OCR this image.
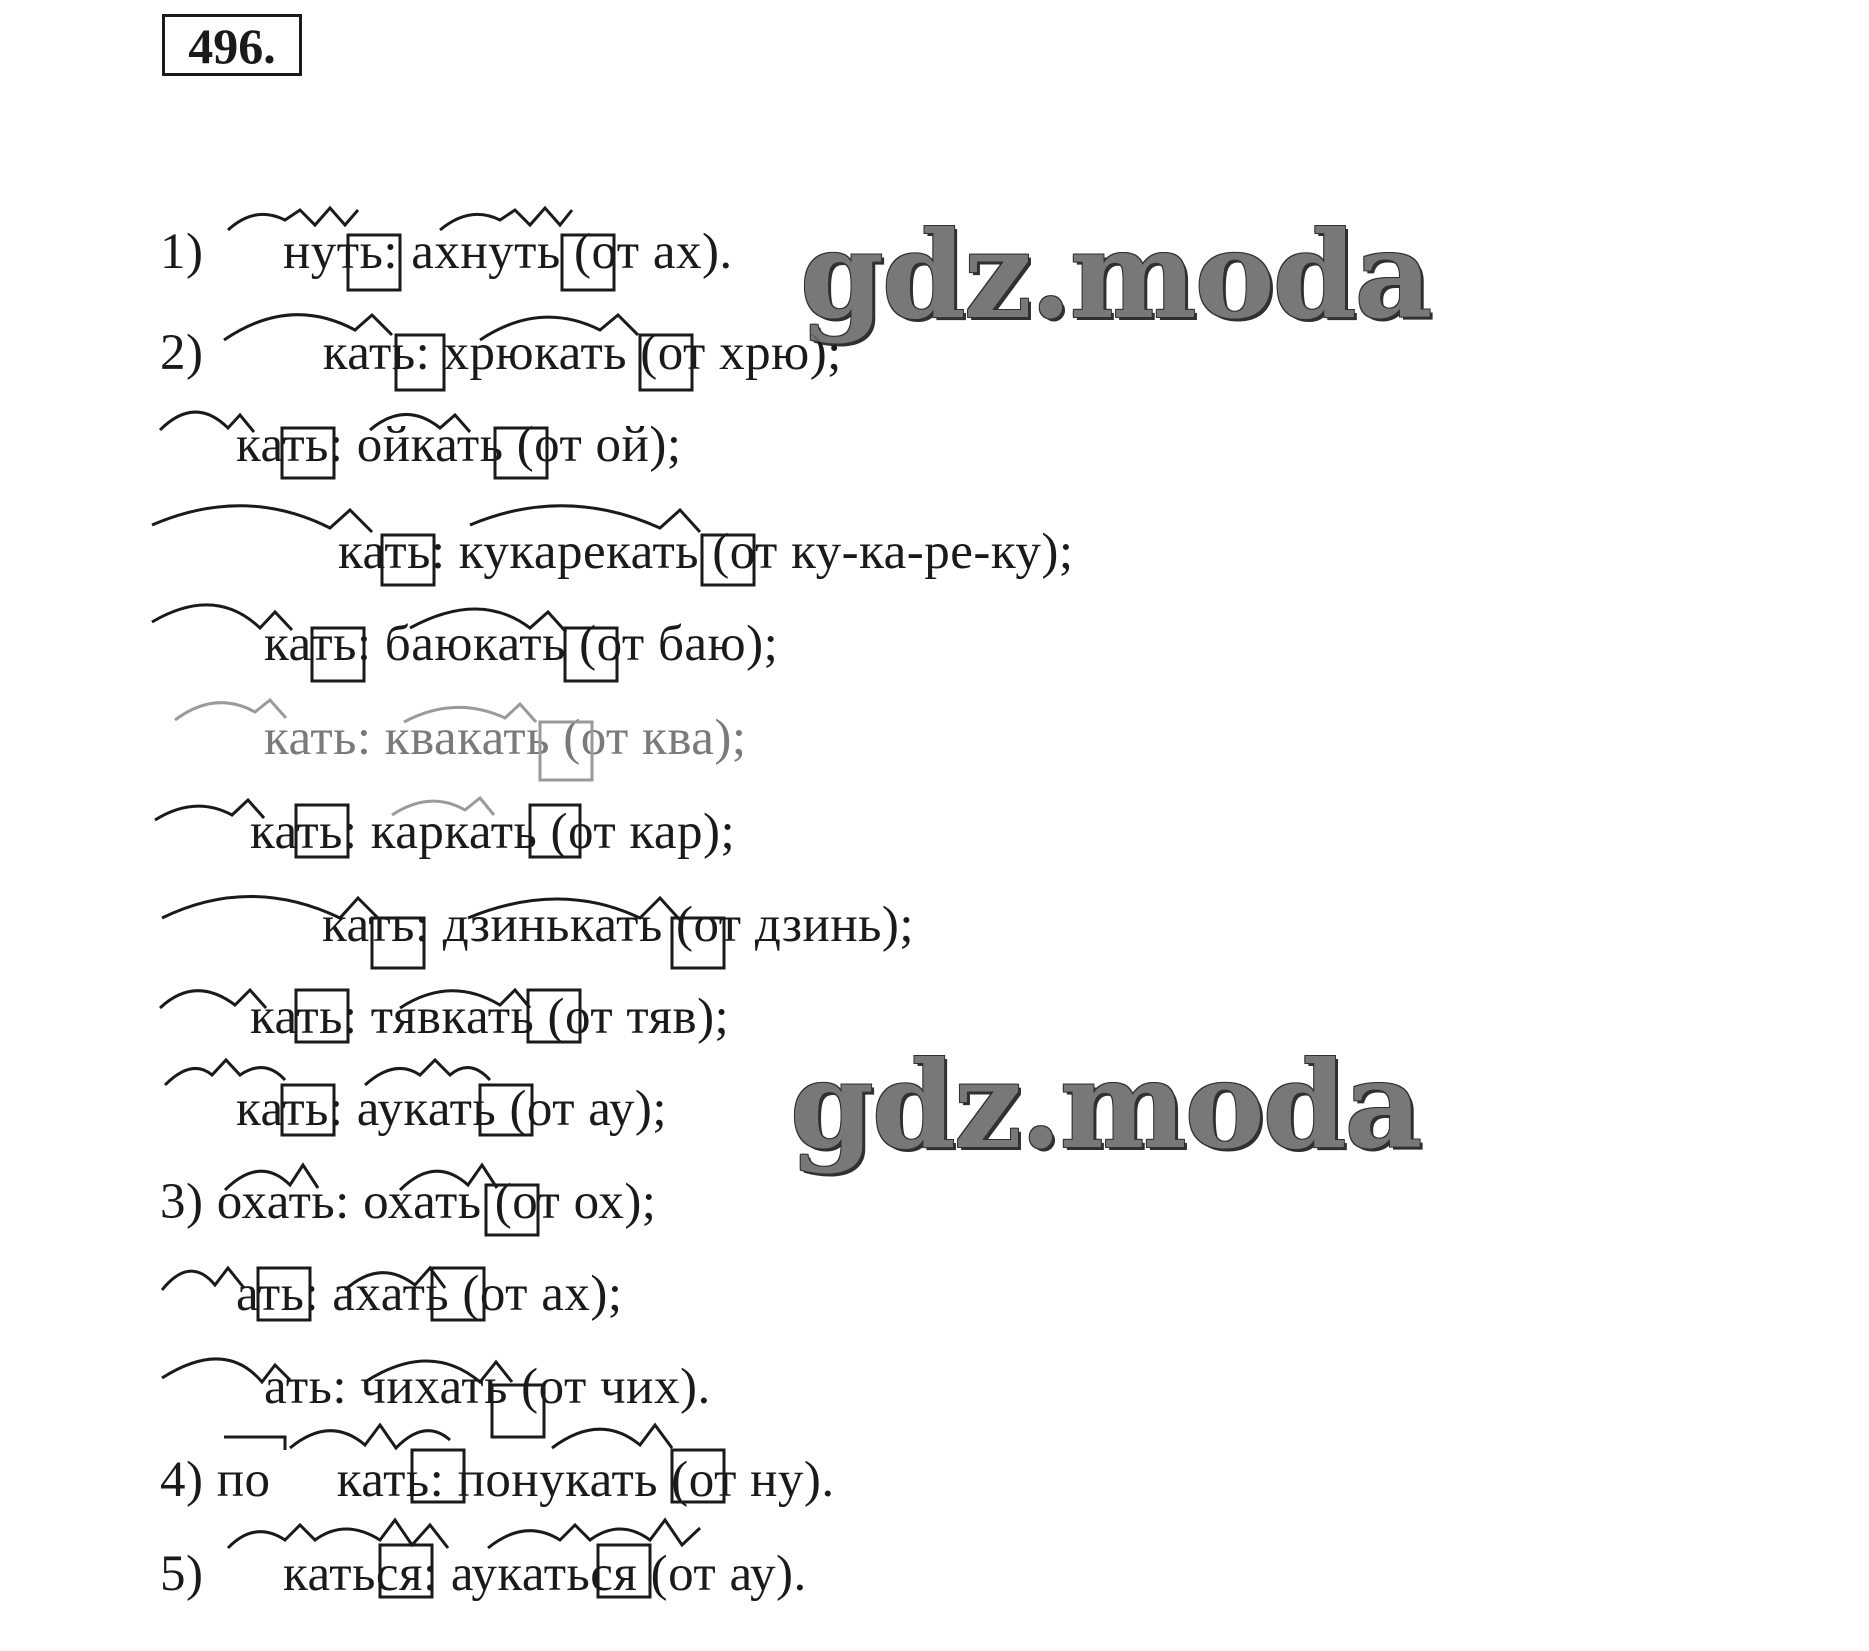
496.
1)      нуть: ахнуть (от ах).
2)         кать: хрюкать (от хрю);
кать: ойкать (от ой);
кать: кукарекать (от ку-ка-ре-ку);
кать: баюкать (от баю);
кать: квакать (от ква);
кать: каркать (от кар);
кать: дзинькать (от дзинь);
кать: тявкать (от тяв);
кать: аукать (от ау);
3) охать: охать (от ох);
ать: ахать (от ах);
ать: чихать (от чих).
4) по     кать: понукать (от ну).
5)      каться: аукаться (от ау).
gdz.moda
gdz.moda
